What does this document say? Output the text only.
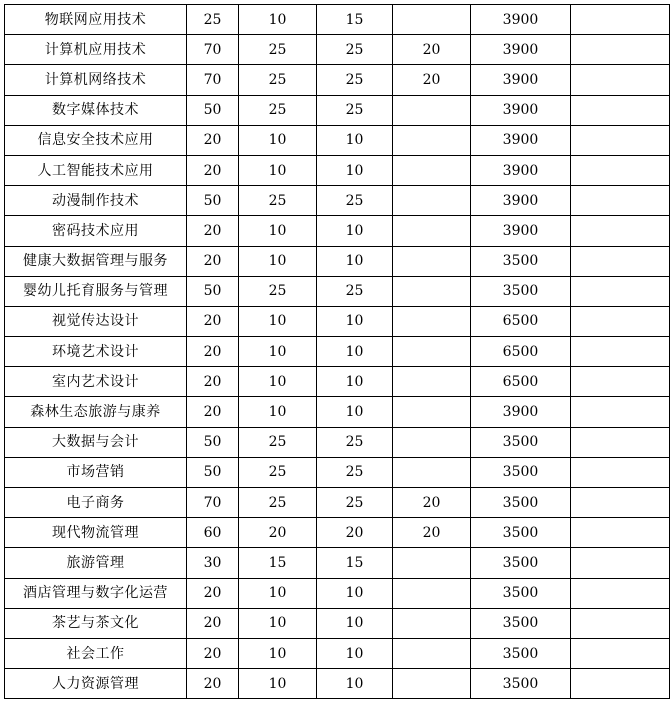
物联网应用技术	25	10	15		3900	
计算机应用技术	70	25	25	20	3900	
计算机网络技术	70	25	25	20	3900	
数字媒体技术	50	25	25		3900	
信息安全技术应用	20	10	10		3900	
人工智能技术应用	20	10	10		3900	
动漫制作技术	50	25	25		3900	
密码技术应用	20	10	10		3900	
健康大数据管理与服务	20	10	10		3500	
婴幼儿托育服务与管理	50	25	25		3500	
视觉传达设计	20	10	10		6500	
环境艺术设计	20	10	10		6500	
室内艺术设计	20	10	10		6500	
森林生态旅游与康养	20	10	10		3900	
大数据与会计	50	25	25		3500	
市场营销	50	25	25		3500	
电子商务	70	25	25	20	3500	
现代物流管理	60	20	20	20	3500	
旅游管理	30	15	15		3500	
酒店管理与数字化运营	20	10	10		3500	
茶艺与茶文化	20	10	10		3500	
社会工作	20	10	10		3500	
人力资源管理	20	10	10		3500	
